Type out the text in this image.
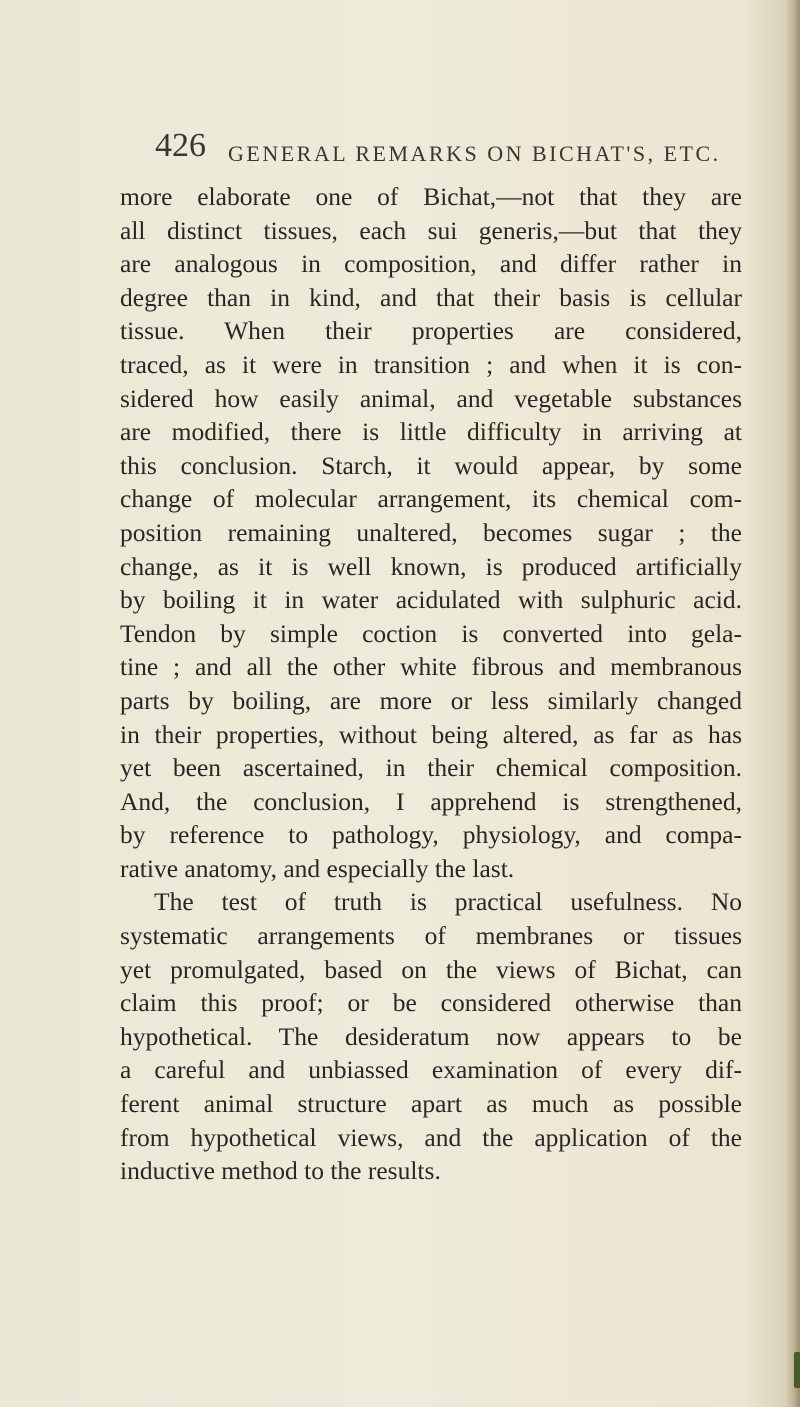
426 GENERAL REMARKS ON BICHAT'S, ETC.
more elaborate one of Bichat,—not that they are
all distinct tissues, each sui generis,—but that they
are analogous in composition, and differ rather in
degree than in kind, and that their basis is cellular
tissue. When their properties are considered,
traced, as it were in transition ; and when it is con-
sidered how easily animal, and vegetable substances
are modified, there is little difficulty in arriving at
this conclusion. Starch, it would appear, by some
change of molecular arrangement, its chemical com-
position remaining unaltered, becomes sugar ; the
change, as it is well known, is produced artificially
by boiling it in water acidulated with sulphuric acid.
Tendon by simple coction is converted into gela-
tine ; and all the other white fibrous and membranous
parts by boiling, are more or less similarly changed
in their properties, without being altered, as far as has
yet been ascertained, in their chemical composition.
And, the conclusion, I apprehend is strengthened,
by reference to pathology, physiology, and compa-
rative anatomy, and especially the last.
The test of truth is practical usefulness. No
systematic arrangements of membranes or tissues
yet promulgated, based on the views of Bichat, can
claim this proof; or be considered otherwise than
hypothetical. The desideratum now appears to be
a careful and unbiassed examination of every dif-
ferent animal structure apart as much as possible
from hypothetical views, and the application of the
inductive method to the results.
